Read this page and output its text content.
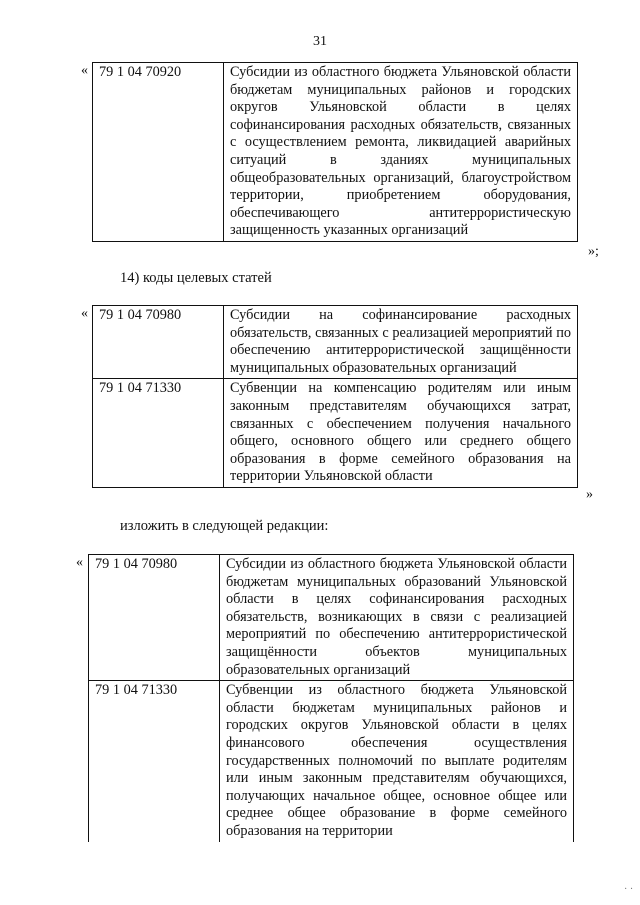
31
« 79 1 04 70920	Субсидии из областного бюджета Ульяновской области бюджетам муниципальных районов и городских округов Ульяновской области в целях софинансирования расходных обязательств, связанных с осуществлением ремонта, ликвидацией аварийных ситуаций в зданиях муниципальных общеобразовательных организаций, благоустройством территории, приобретением оборудования, обеспечивающего антитеррористическую защищенность указанных организаций
»;
14) коды целевых статей
« 79 1 04 70980	Субсидии на софинансирование расходных обязательств, связанных с реализацией мероприятий по обеспечению антитеррористической защищённости муниципальных образовательных организаций
79 1 04 71330	Субвенции на компенсацию родителям или иным законным представителям обучающихся затрат, связанных с обеспечением получения начального общего, основного общего или среднего общего образования в форме семейного образования на территории Ульяновской области
»
изложить в следующей редакции:
« 79 1 04 70980	Субсидии из областного бюджета Ульяновской области бюджетам муниципальных образований Ульяновской области в целях софинансирования расходных обязательств, возникающих в связи с реализацией мероприятий по обеспечению антитеррористической защищённости объектов муниципальных образовательных организаций
79 1 04 71330	Субвенции из областного бюджета Ульяновской области бюджетам муниципальных районов и городских округов Ульяновской области в целях финансового обеспечения осуществления государственных полномочий по выплате родителям или иным законным представителям обучающихся, получающих начальное общее, основное общее или среднее общее образование в форме семейного образования на территории
· ·
